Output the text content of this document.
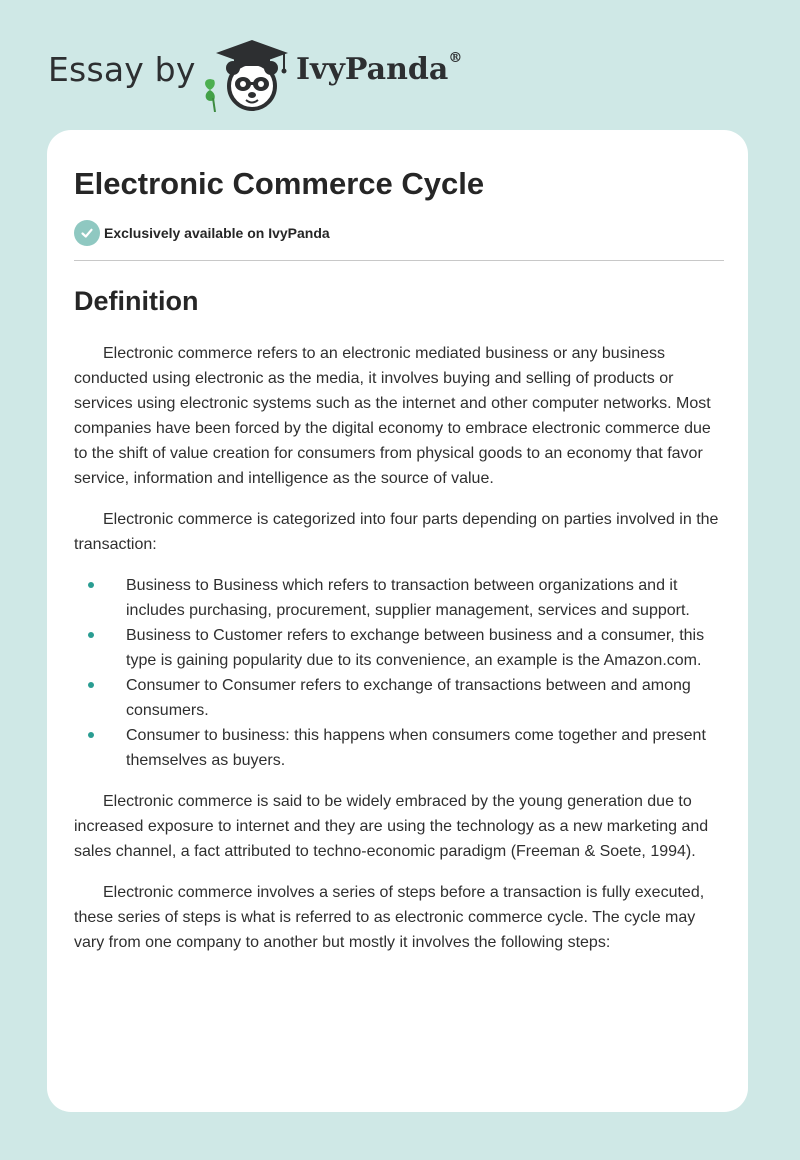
Essay by	IvyPanda®
Electronic Commerce Cycle
Exclusively available on IvyPanda
Definition

Electronic commerce refers to an electronic mediated business or any business conducted using electronic as the media, it involves buying and selling of products or services using electronic systems such as the internet and other computer networks. Most companies have been forced by the digital economy to embrace electronic commerce due to the shift of value creation for consumers from physical goods to an economy that favor service, information and intelligence as the source of value.

Electronic commerce is categorized into four parts depending on parties involved in the transaction:

Business to Business which refers to transaction between organizations and it includes purchasing, procurement, supplier management, services and support.
Business to Customer refers to exchange between business and a consumer, this type is gaining popularity due to its convenience, an example is the Amazon.com.
Consumer to Consumer refers to exchange of transactions between and among consumers.
Consumer to business: this happens when consumers come together and present themselves as buyers.

Electronic commerce is said to be widely embraced by the young generation due to increased exposure to internet and they are using the technology as a new marketing and sales channel, a fact attributed to techno-economic paradigm (Freeman & Soete, 1994).

Electronic commerce involves a series of steps before a transaction is fully executed, these series of steps is what is referred to as electronic commerce cycle. The cycle may vary from one company to another but mostly it involves the following steps:
